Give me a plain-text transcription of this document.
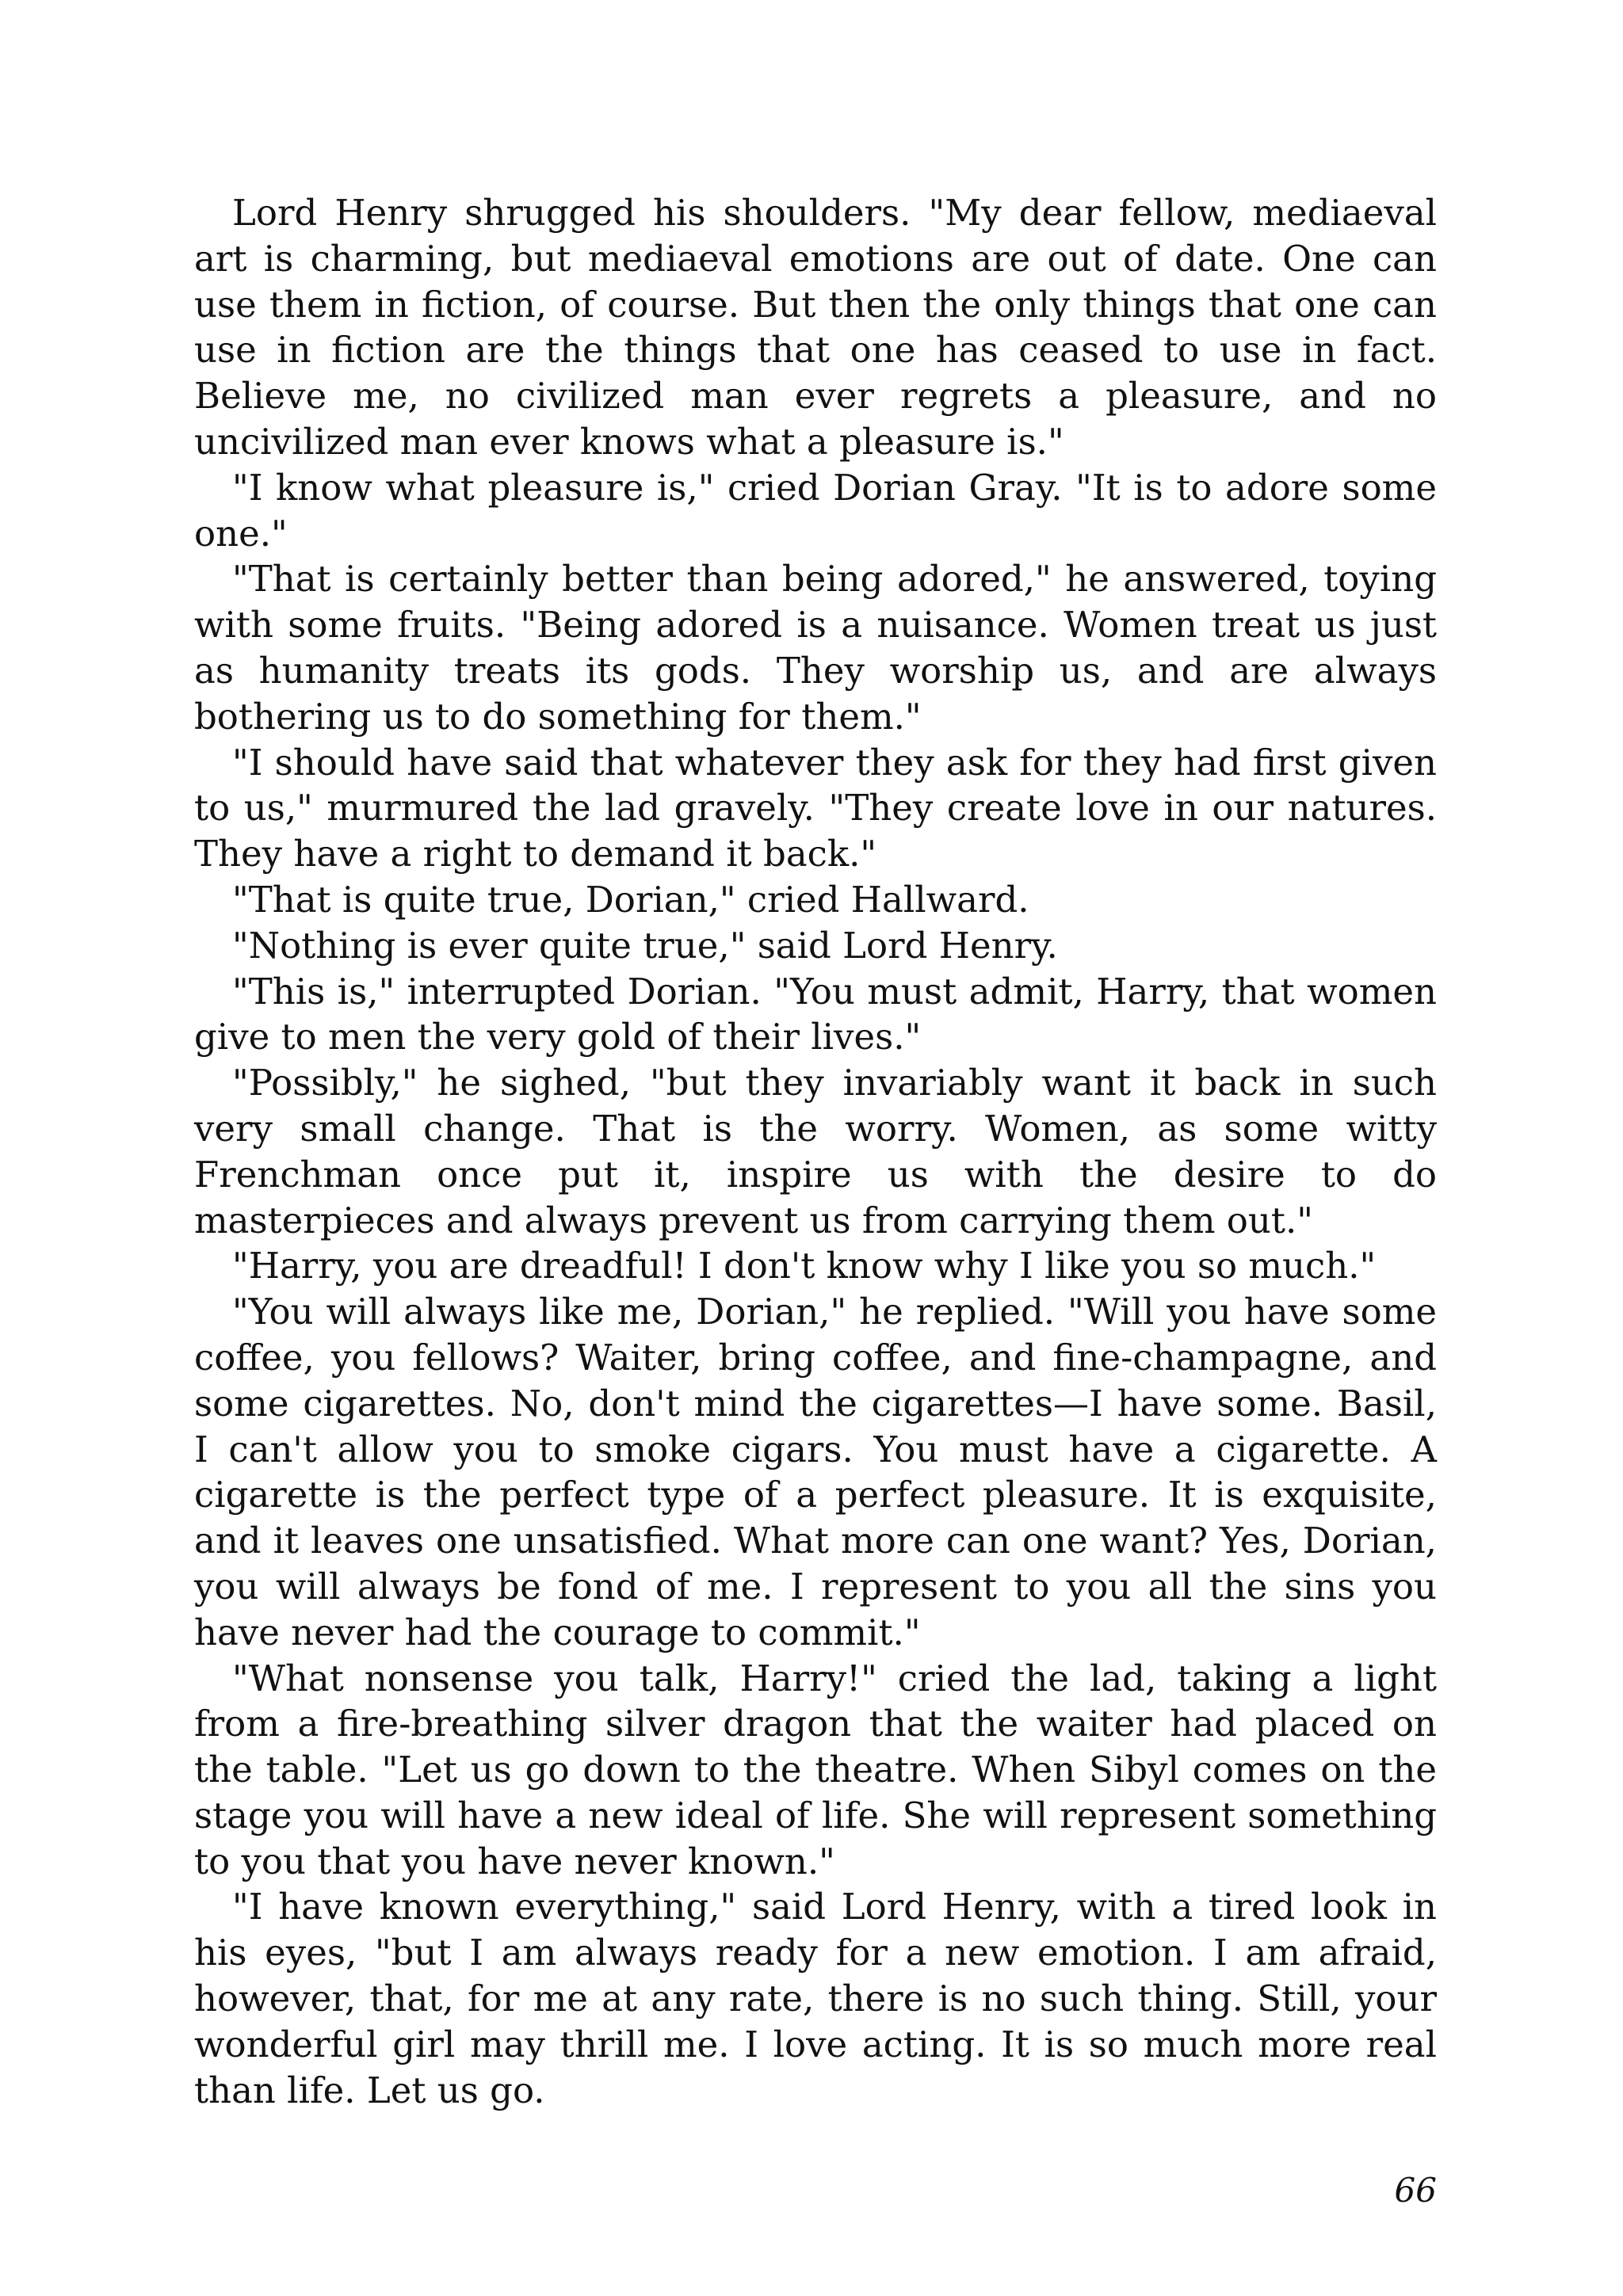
Lord Henry shrugged his shoulders. "My dear fellow, mediaeval art is charming, but mediaeval emotions are out of date. One can use them in fiction, of course. But then the only things that one can use in fiction are the things that one has ceased to use in fact. Believe me, no civilized man ever regrets a pleasure, and no uncivilized man ever knows what a pleasure is."

"I know what pleasure is," cried Dorian Gray. "It is to adore some one."

"That is certainly better than being adored," he answered, toying with some fruits. "Being adored is a nuisance. Women treat us just as humanity treats its gods. They worship us, and are always bothering us to do something for them."

"I should have said that whatever they ask for they had first given to us," murmured the lad gravely. "They create love in our natures. They have a right to demand it back."

"That is quite true, Dorian," cried Hallward.

"Nothing is ever quite true," said Lord Henry.

"This is," interrupted Dorian. "You must admit, Harry, that women give to men the very gold of their lives."

"Possibly," he sighed, "but they invariably want it back in such very small change. That is the worry. Women, as some witty Frenchman once put it, inspire us with the desire to do masterpieces and always prevent us from carrying them out."

"Harry, you are dreadful! I don't know why I like you so much."

"You will always like me, Dorian," he replied. "Will you have some coffee, you fellows? Waiter, bring coffee, and fine-champagne, and some cigarettes. No, don't mind the cigarettes—I have some. Basil, I can't allow you to smoke cigars. You must have a cigarette. A cigarette is the perfect type of a perfect pleasure. It is exquisite, and it leaves one unsatisfied. What more can one want? Yes, Dorian, you will always be fond of me. I represent to you all the sins you have never had the courage to commit."

"What nonsense you talk, Harry!" cried the lad, taking a light from a fire-breathing silver dragon that the waiter had placed on the table. "Let us go down to the theatre. When Sibyl comes on the stage you will have a new ideal of life. She will represent something to you that you have never known."

"I have known everything," said Lord Henry, with a tired look in his eyes, "but I am always ready for a new emotion. I am afraid, however, that, for me at any rate, there is no such thing. Still, your wonderful girl may thrill me. I love acting. It is so much more real than life. Let us go.

66
